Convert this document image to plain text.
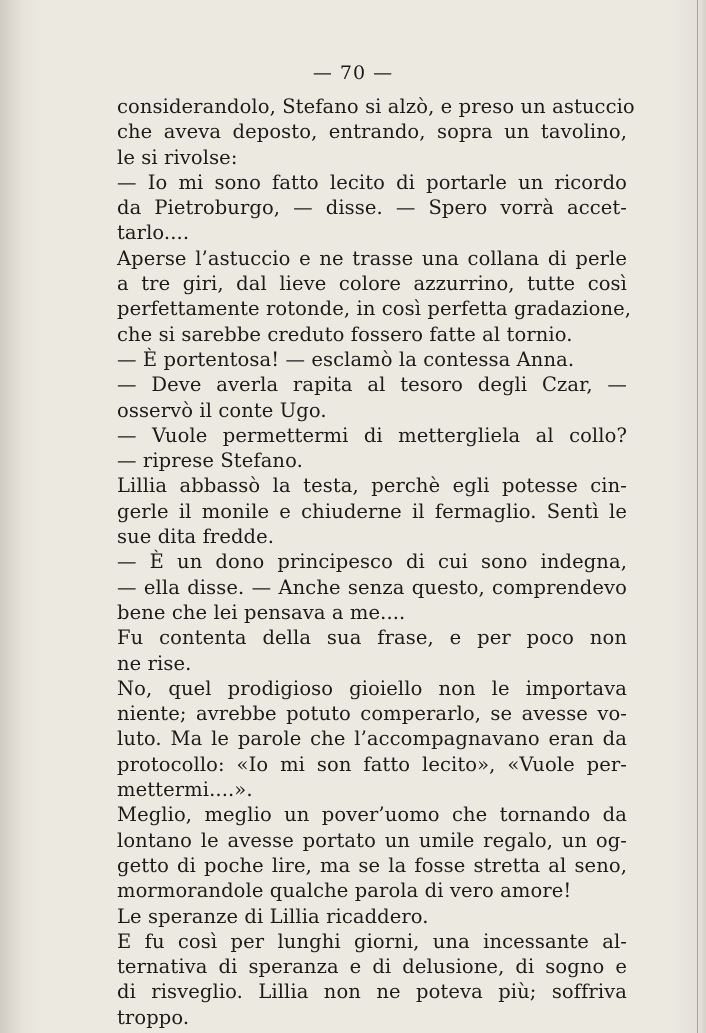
— 70 —
considerandolo, Stefano si alzò, e preso un astuccio
che aveva deposto, entrando, sopra un tavolino,
le si rivolse:
— Io mi sono fatto lecito di portarle un ricordo
da Pietroburgo, — disse. — Spero vorrà accet-
tarlo....
Aperse l’astuccio e ne trasse una collana di perle
a tre giri, dal lieve colore azzurrino, tutte così
perfettamente rotonde, in così perfetta gradazione,
che si sarebbe creduto fossero fatte al tornio.
— È portentosa! — esclamò la contessa Anna.
— Deve averla rapita al tesoro degli Czar, —
osservò il conte Ugo.
— Vuole permettermi di mettergliela al collo?
— riprese Stefano.
Lillia abbassò la testa, perchè egli potesse cin-
gerle il monile e chiuderne il fermaglio. Sentì le
sue dita fredde.
— È un dono principesco di cui sono indegna,
— ella disse. — Anche senza questo, comprendevo
bene che lei pensava a me....
Fu contenta della sua frase, e per poco non
ne rise.
No, quel prodigioso gioiello non le importava
niente; avrebbe potuto comperarlo, se avesse vo-
luto. Ma le parole che l’accompagnavano eran da
protocollo: «Io mi son fatto lecito», «Vuole per-
mettermi....».
Meglio, meglio un pover’uomo che tornando da
lontano le avesse portato un umile regalo, un og-
getto di poche lire, ma se la fosse stretta al seno,
mormorandole qualche parola di vero amore!
Le speranze di Lillia ricaddero.
E fu così per lunghi giorni, una incessante al-
ternativa di speranza e di delusione, di sogno e
di risveglio. Lillia non ne poteva più; soffriva
troppo.
